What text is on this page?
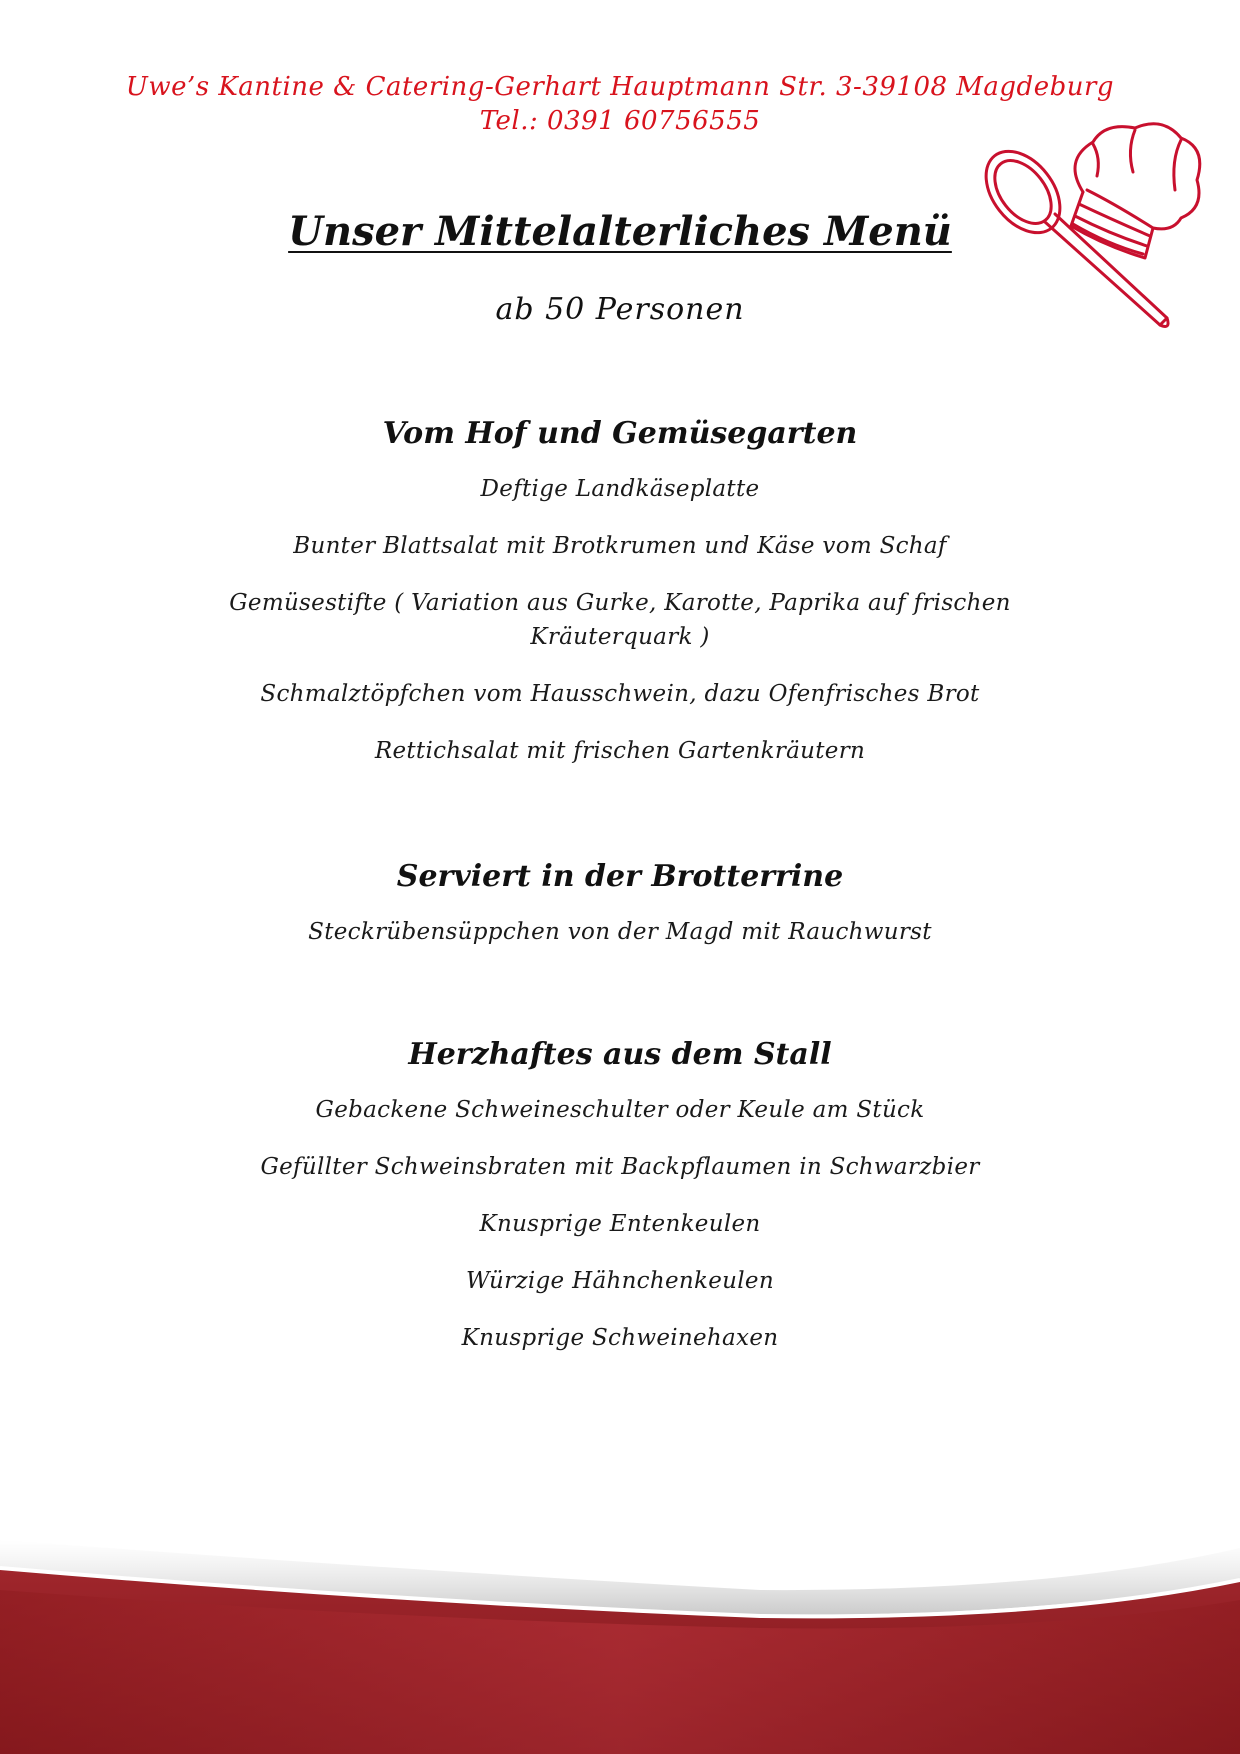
Uwe’s Kantine & Catering-Gerhart Hauptmann Str. 3-39108 Magdeburg
Tel.: 0391 60756555
Unser Mittelalterliches Menü
ab 50 Personen
Vom Hof und Gemüsegarten
Deftige Landkäseplatte
Bunter Blattsalat mit Brotkrumen und Käse vom Schaf
Gemüsestifte ( Variation aus Gurke, Karotte, Paprika auf frischen Kräuterquark )
Schmalztöpfchen vom Hausschwein, dazu Ofenfrisches Brot
Rettichsalat mit frischen Gartenkräutern
Serviert in der Brotterrine
Steckrübensüppchen von der Magd mit Rauchwurst
Herzhaftes aus dem Stall
Gebackene Schweineschulter oder Keule am Stück
Gefüllter Schweinsbraten mit Backpflaumen in Schwarzbier
Knusprige Entenkeulen
Würzige Hähnchenkeulen
Knusprige Schweinehaxen
